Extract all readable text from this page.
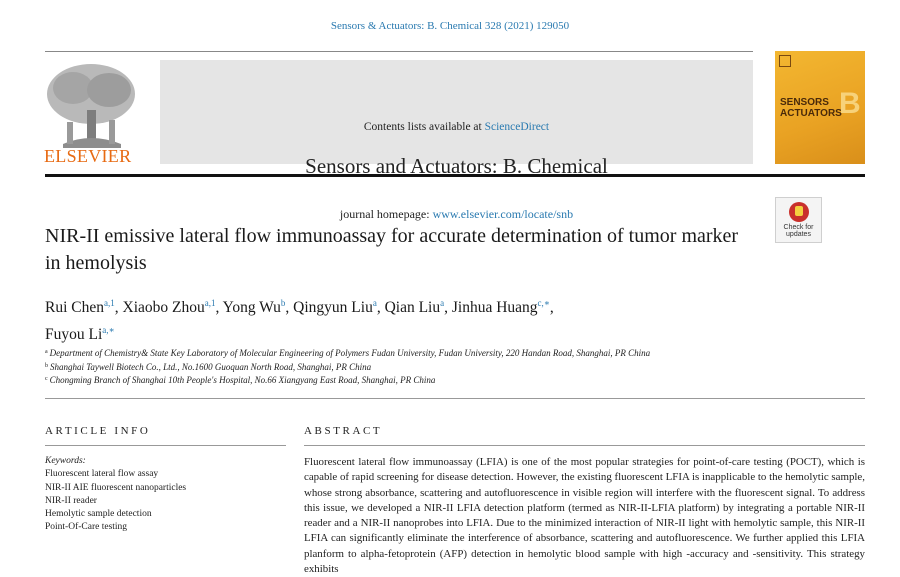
Sensors & Actuators: B. Chemical 328 (2021) 129050
ELSEVIER
Contents lists available at ScienceDirect
Sensors and Actuators: B. Chemical
journal homepage: www.elsevier.com/locate/snb
SENSORS
ACTUATORS
B
Check for
updates
NIR-II emissive lateral flow immunoassay for accurate determination of tumor marker in hemolysis
Rui Chen$^{a,1}$, Xiaobo Zhou$^{a,1}$, Yong Wu$^b$, Qingyun Liu$^a$, Qian Liu$^a$, Jinhua Huang$^{c,∗}$,
Fuyou $Li^{a,∗}$
$^a$ Department of Chemistry& State Key Laboratory of Molecular Engineering of Polymers Fudan University, Fudan University, 220 Handan Road, Shanghai, PR China
$^b$ Shanghai Taywell Biotech Co., Ltd., No.1600 Guoquan North Road, Shanghai, PR China
$^c$ Chongming Branch of Shanghai 10th People's Hospital, No.66 Xiangyang East Road, Shanghai, PR China
ARTICLE INFO	ABSTRACT
Keywords:
Fluorescent lateral flow assay
NIR-II AIE fluorescent nanoparticles
NIR-II reader
Hemolytic sample detection
Point-Of-Care testing
Fluorescent lateral flow immunoassay (LFIA) is one of the most popular strategies for point-of-care testing (POCT), which is capable of rapid screening for disease detection. However, the existing fluorescent LFIA is inapplicable to the hemolytic sample, whose strong absorbance, scattering and autofluorescence in visible region will interfere with the fluorescent signal. To address this issue, we developed a NIR-II LFIA detection platform (termed as NIR-II-LFIA platform) by integrating a portable NIR-II reader and a NIR-II nanoprobes into LFIA. Due to the minimized interaction of NIR-II light with hemolytic sample, this NIR-II LFIA can significantly eliminate the interference of absorbance, scattering and autofluorescence. We further applied this LFIA planform to alpha-fetoprotein (AFP) detection in hemolytic blood sample with high -accuracy and -sensitivity. This strategy exhibits
